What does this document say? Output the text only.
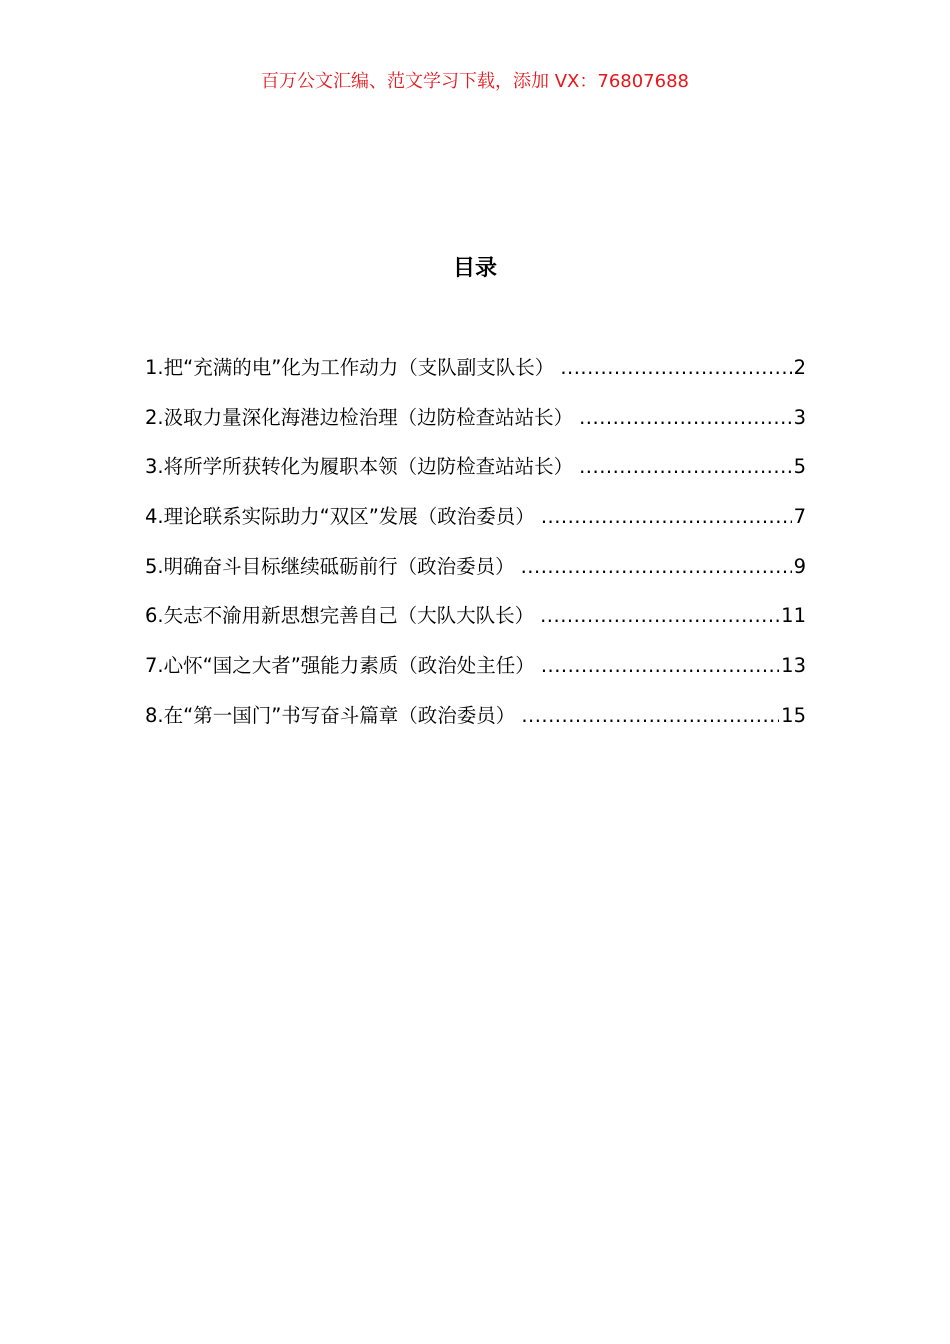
百万公文汇编、范文学习下载，添加 VX：76807688
目录
1.把“充满的电”化为工作动力（支队副支队长） .....	2
2.汲取力量深化海港边检治理（边防检查站站长） .....	3
3.将所学所获转化为履职本领（边防检查站站长） .....	5
4.理论联系实际助力“双区”发展（政治委员） .....	7
5.明确奋斗目标继续砥砺前行（政治委员） .....	9
6.矢志不渝用新思想完善自己（大队大队长） .....	11
7.心怀“国之大者”强能力素质（政治处主任） .....	13
8.在“第一国门”书写奋斗篇章（政治委员） .....	15
